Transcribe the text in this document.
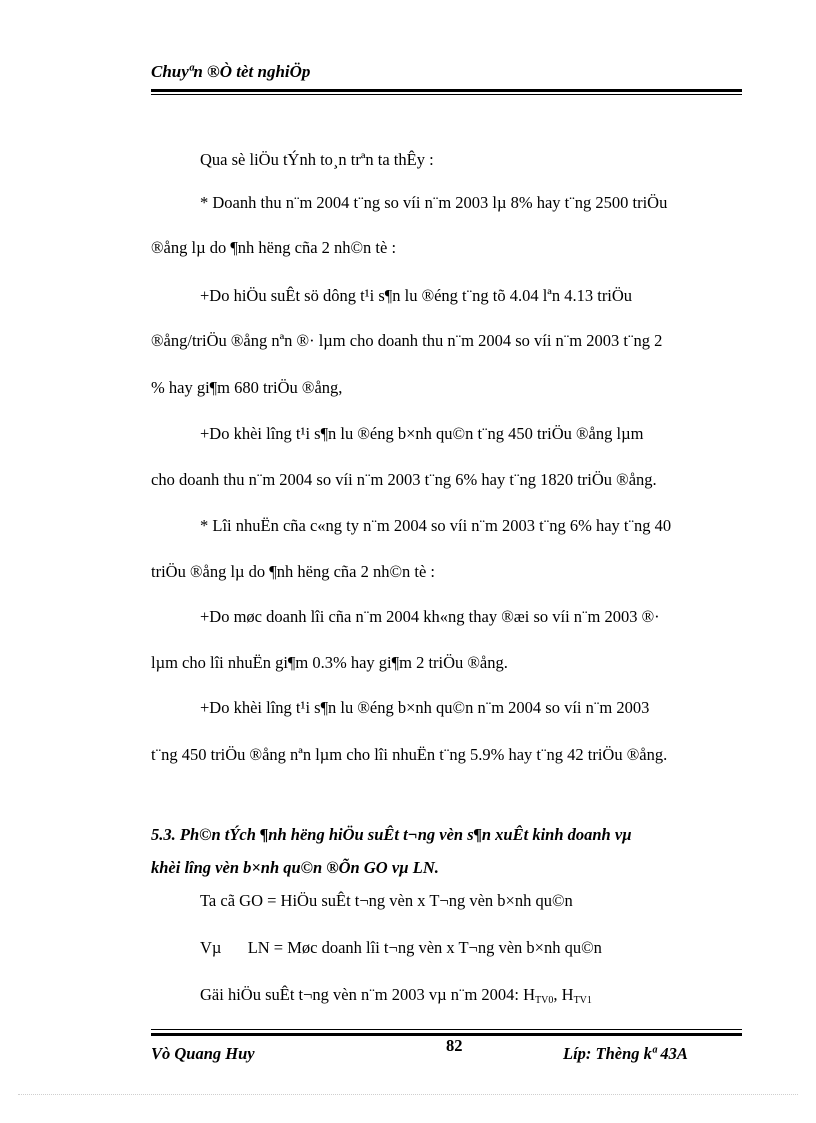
Chuyªn ®Ò tèt nghiÖp
Qua sè liÖu tÝnh to¸n trªn ta thÊy :
* Doanh thu n¨m 2004 t¨ng so víi n¨m 2003 lµ 8% hay t¨ng 2500 triÖu
®ång lµ do ¶nh hëng cña 2 nh©n tè :
+Do hiÖu suÊt sö dông t¹i s¶n lu ®éng t¨ng tõ 4.04 lªn 4.13 triÖu
®ång/triÖu ®ång nªn ®· lµm cho doanh thu n¨m 2004 so víi n¨m 2003 t¨ng 2
% hay gi¶m 680 triÖu ®ång,
+Do khèi lîng t¹i s¶n lu ®éng b×nh qu©n t¨ng 450 triÖu ®ång lµm
cho doanh thu n¨m 2004 so víi n¨m 2003 t¨ng 6% hay t¨ng 1820 triÖu ®ång.
* Lîi nhuËn cña c«ng ty n¨m 2004 so víi n¨m 2003 t¨ng 6% hay t¨ng 40
triÖu ®ång lµ do ¶nh hëng cña 2 nh©n tè :
+Do møc doanh lîi cña n¨m 2004 kh«ng thay ®æi so víi n¨m 2003 ®·
lµm cho lîi nhuËn gi¶m 0.3% hay gi¶m 2 triÖu ®ång.
+Do khèi lîng t¹i s¶n lu ®éng b×nh qu©n n¨m 2004 so víi n¨m 2003
t¨ng 450 triÖu ®ång nªn lµm cho lîi nhuËn t¨ng 5.9% hay t¨ng 42 triÖu ®ång.
5.3. Ph©n tÝch ¶nh hëng hiÖu suÊt t¬ng vèn s¶n xuÊt kinh doanh vµ
khèi lîng vèn b×nh qu©n ®Õn GO vµ LN.
Ta cã GO = HiÖu suÊt t¬ng vèn x T¬ng vèn b×nh qu©n
Vµ LN = Møc doanh lîi t¬ng vèn x T¬ng vèn b×nh qu©n
Gäi hiÖu suÊt t¬ng vèn n¨m 2003 vµ n¨m 2004: $H_{TV0}$, $H_{TV1}$
Vò Quang Huy	82	Líp: Thèng kª 43A
